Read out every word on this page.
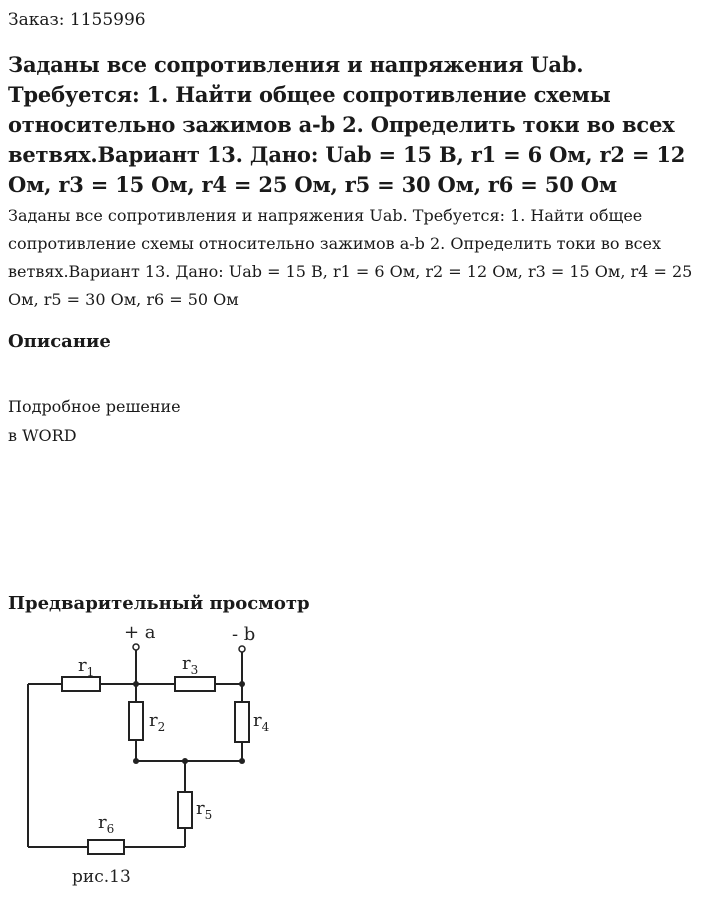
Заказ: 1155996
Заданы все сопротивления и напряжения Uab. Требуется: 1. Найти общее сопротивление схемы относительно зажимов a-b 2. Определить токи во всех ветвях.Вариант 13. Дано: Uab = 15 В, r1 = 6 Ом, r2 = 12 Ом, r3 = 15 Ом, r4 = 25 Ом, r5 = 30 Ом, r6 = 50 Ом
Заданы все сопротивления и напряжения Uab. Требуется: 1. Найти общее сопротивление схемы относительно зажимов a-b 2. Определить токи во всех ветвях.Вариант 13. Дано: Uab = 15 В, r1 = 6 Ом, r2 = 12 Ом, r3 = 15 Ом, r4 = 25 Ом, r5 = 30 Ом, r6 = 50 Ом
Описание
Подробное решение
в WORD
Предварительный просмотр
+ a	- b
$r_1$	$r_3$
$r_2$	$r_4$
$r_5$
$r_6$
рис.13
